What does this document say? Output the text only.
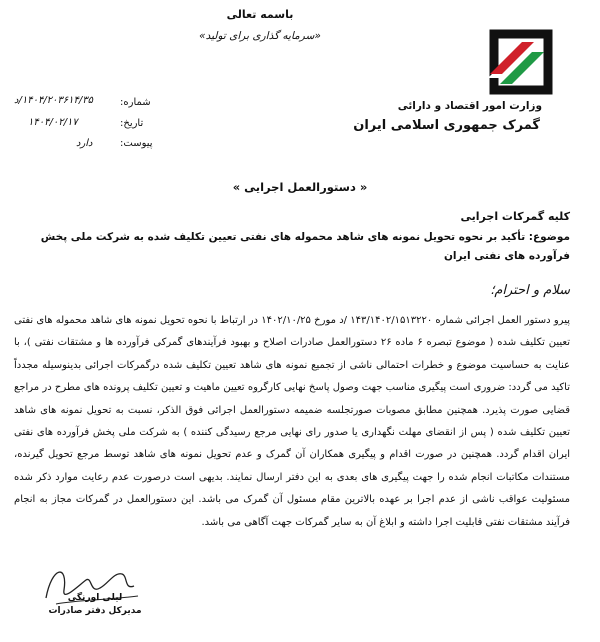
باسمه تعالی
«سرمایه گذاری برای تولید»
وزارت امور اقتصاد و دارائی
گمرک جمهوری اسلامی ایران
شماره:
۱۴۰۴/۲۰۳۶۱۴/۳۵/د
تاریخ:
۱۴۰۴/۰۲/۱۷
پیوست:
دارد
« دستورالعمل اجرایی »
کلیه گمرکات اجرایی
موضوع: تأکید بر نحوه تحویل نمونه های شاهد محموله های نفتی تعیین تکلیف شده به شرکت ملی پخش فرآورده های نفتی ایران
سلام و احترام؛
پیرو دستور العمل اجرائی شماره ۱۴۳/۱۴۰۲/۱۵۱۳۲۲۰ /د مورخ ۱۴۰۲/۱۰/۲۵ در ارتباط با نحوه تحویل نمونه های شاهد محموله های نفتی تعیین تکلیف شده ( موضوع تبصره ۶ ماده ۲۶ دستورالعمل صادرات اصلاح و بهبود فرآیندهای گمرکی فرآورده ها و مشتقات نفتی )، با عنایت به حساسیت موضوع و خطرات احتمالی ناشی از تجمیع نمونه های شاهد تعیین تکلیف شده درگمرکات اجرائی بدینوسیله مجدداً تاکید می گردد: ضروری است پیگیری مناسب جهت وصول پاسخ نهایی کارگروه تعیین ماهیت و تعیین تکلیف پرونده های مطرح در مراجع قضایی صورت پذیرد. همچنین مطابق مصوبات صورتجلسه ضمیمه دستورالعمل اجرائی فوق الذکر، نسبت به تحویل نمونه های شاهد تعیین تکلیف شده ( پس از انقضای مهلت نگهداری یا صدور رای نهایی مرجع رسیدگی کننده ) به شرکت ملی پخش فرآورده های نفتی ایران اقدام گردد. همچنین در صورت اقدام و پیگیری همکاران آن گمرک و عدم تحویل نمونه های شاهد توسط مرجع تحویل گیرنده، مستندات مکاتبات انجام شده را جهت پیگیری های بعدی به این دفتر ارسال نمایند. بدیهی است درصورت عدم رعایت موارد ذکر شده مسئولیت عواقب ناشی از عدم اجرا بر عهده بالاترین مقام مسئول آن گمرک می باشد. این دستورالعمل در گمرکات مجاز به انجام فرآیند مشتقات نفتی قابلیت اجرا داشته و ابلاغ آن به سایر گمرکات جهت آگاهی می باشد.
لیلی اورنگی
مدیرکل دفتر صادرات
